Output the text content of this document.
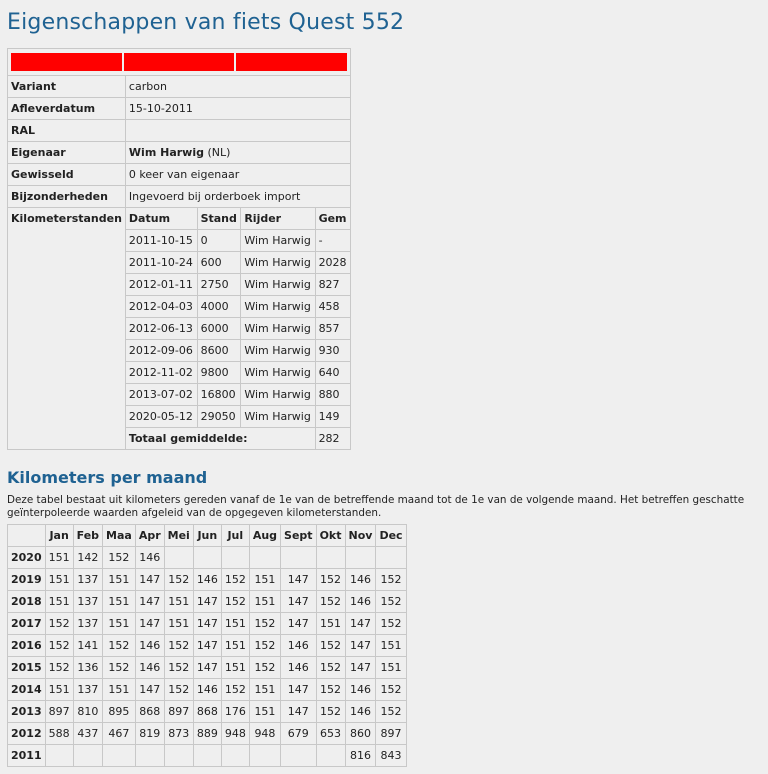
Eigenschappen van fiets Quest 552

Variant	carbon
Afleverdatum	15-10-2011
RAL	
Eigenaar	Wim Harwig (NL)
Gewisseld	0 keer van eigenaar
Bijzonderheden	Ingevoerd bij orderboek import
Kilometerstanden	Datum	Stand	Rijder	Gem
2011-10-15	0	Wim Harwig	-
2011-10-24	600	Wim Harwig	2028
2012-01-11	2750	Wim Harwig	827
2012-04-03	4000	Wim Harwig	458
2012-06-13	6000	Wim Harwig	857
2012-09-06	8600	Wim Harwig	930
2012-11-02	9800	Wim Harwig	640
2013-07-02	16800	Wim Harwig	880
2020-05-12	29050	Wim Harwig	149
Totaal gemiddelde:	282
Kilometers per maand

Deze tabel bestaat uit kilometers gereden vanaf de 1e van de betreffende maand tot de 1e van de volgende maand. Het betreffen geschatte geïnterpoleerde waarden afgeleid van de opgegeven kilometerstanden.

	Jan	Feb	Maa	Apr	Mei	Jun	Jul	Aug	Sept	Okt	Nov	Dec
2020	151	142	152	146								
2019	151	137	151	147	152	146	152	151	147	152	146	152
2018	151	137	151	147	151	147	152	151	147	152	146	152
2017	152	137	151	147	151	147	151	152	147	151	147	152
2016	152	141	152	146	152	147	151	152	146	152	147	151
2015	152	136	152	146	152	147	151	152	146	152	147	151
2014	151	137	151	147	152	146	152	151	147	152	146	152
2013	897	810	895	868	897	868	176	151	147	152	146	152
2012	588	437	467	819	873	889	948	948	679	653	860	897
2011											816	843
